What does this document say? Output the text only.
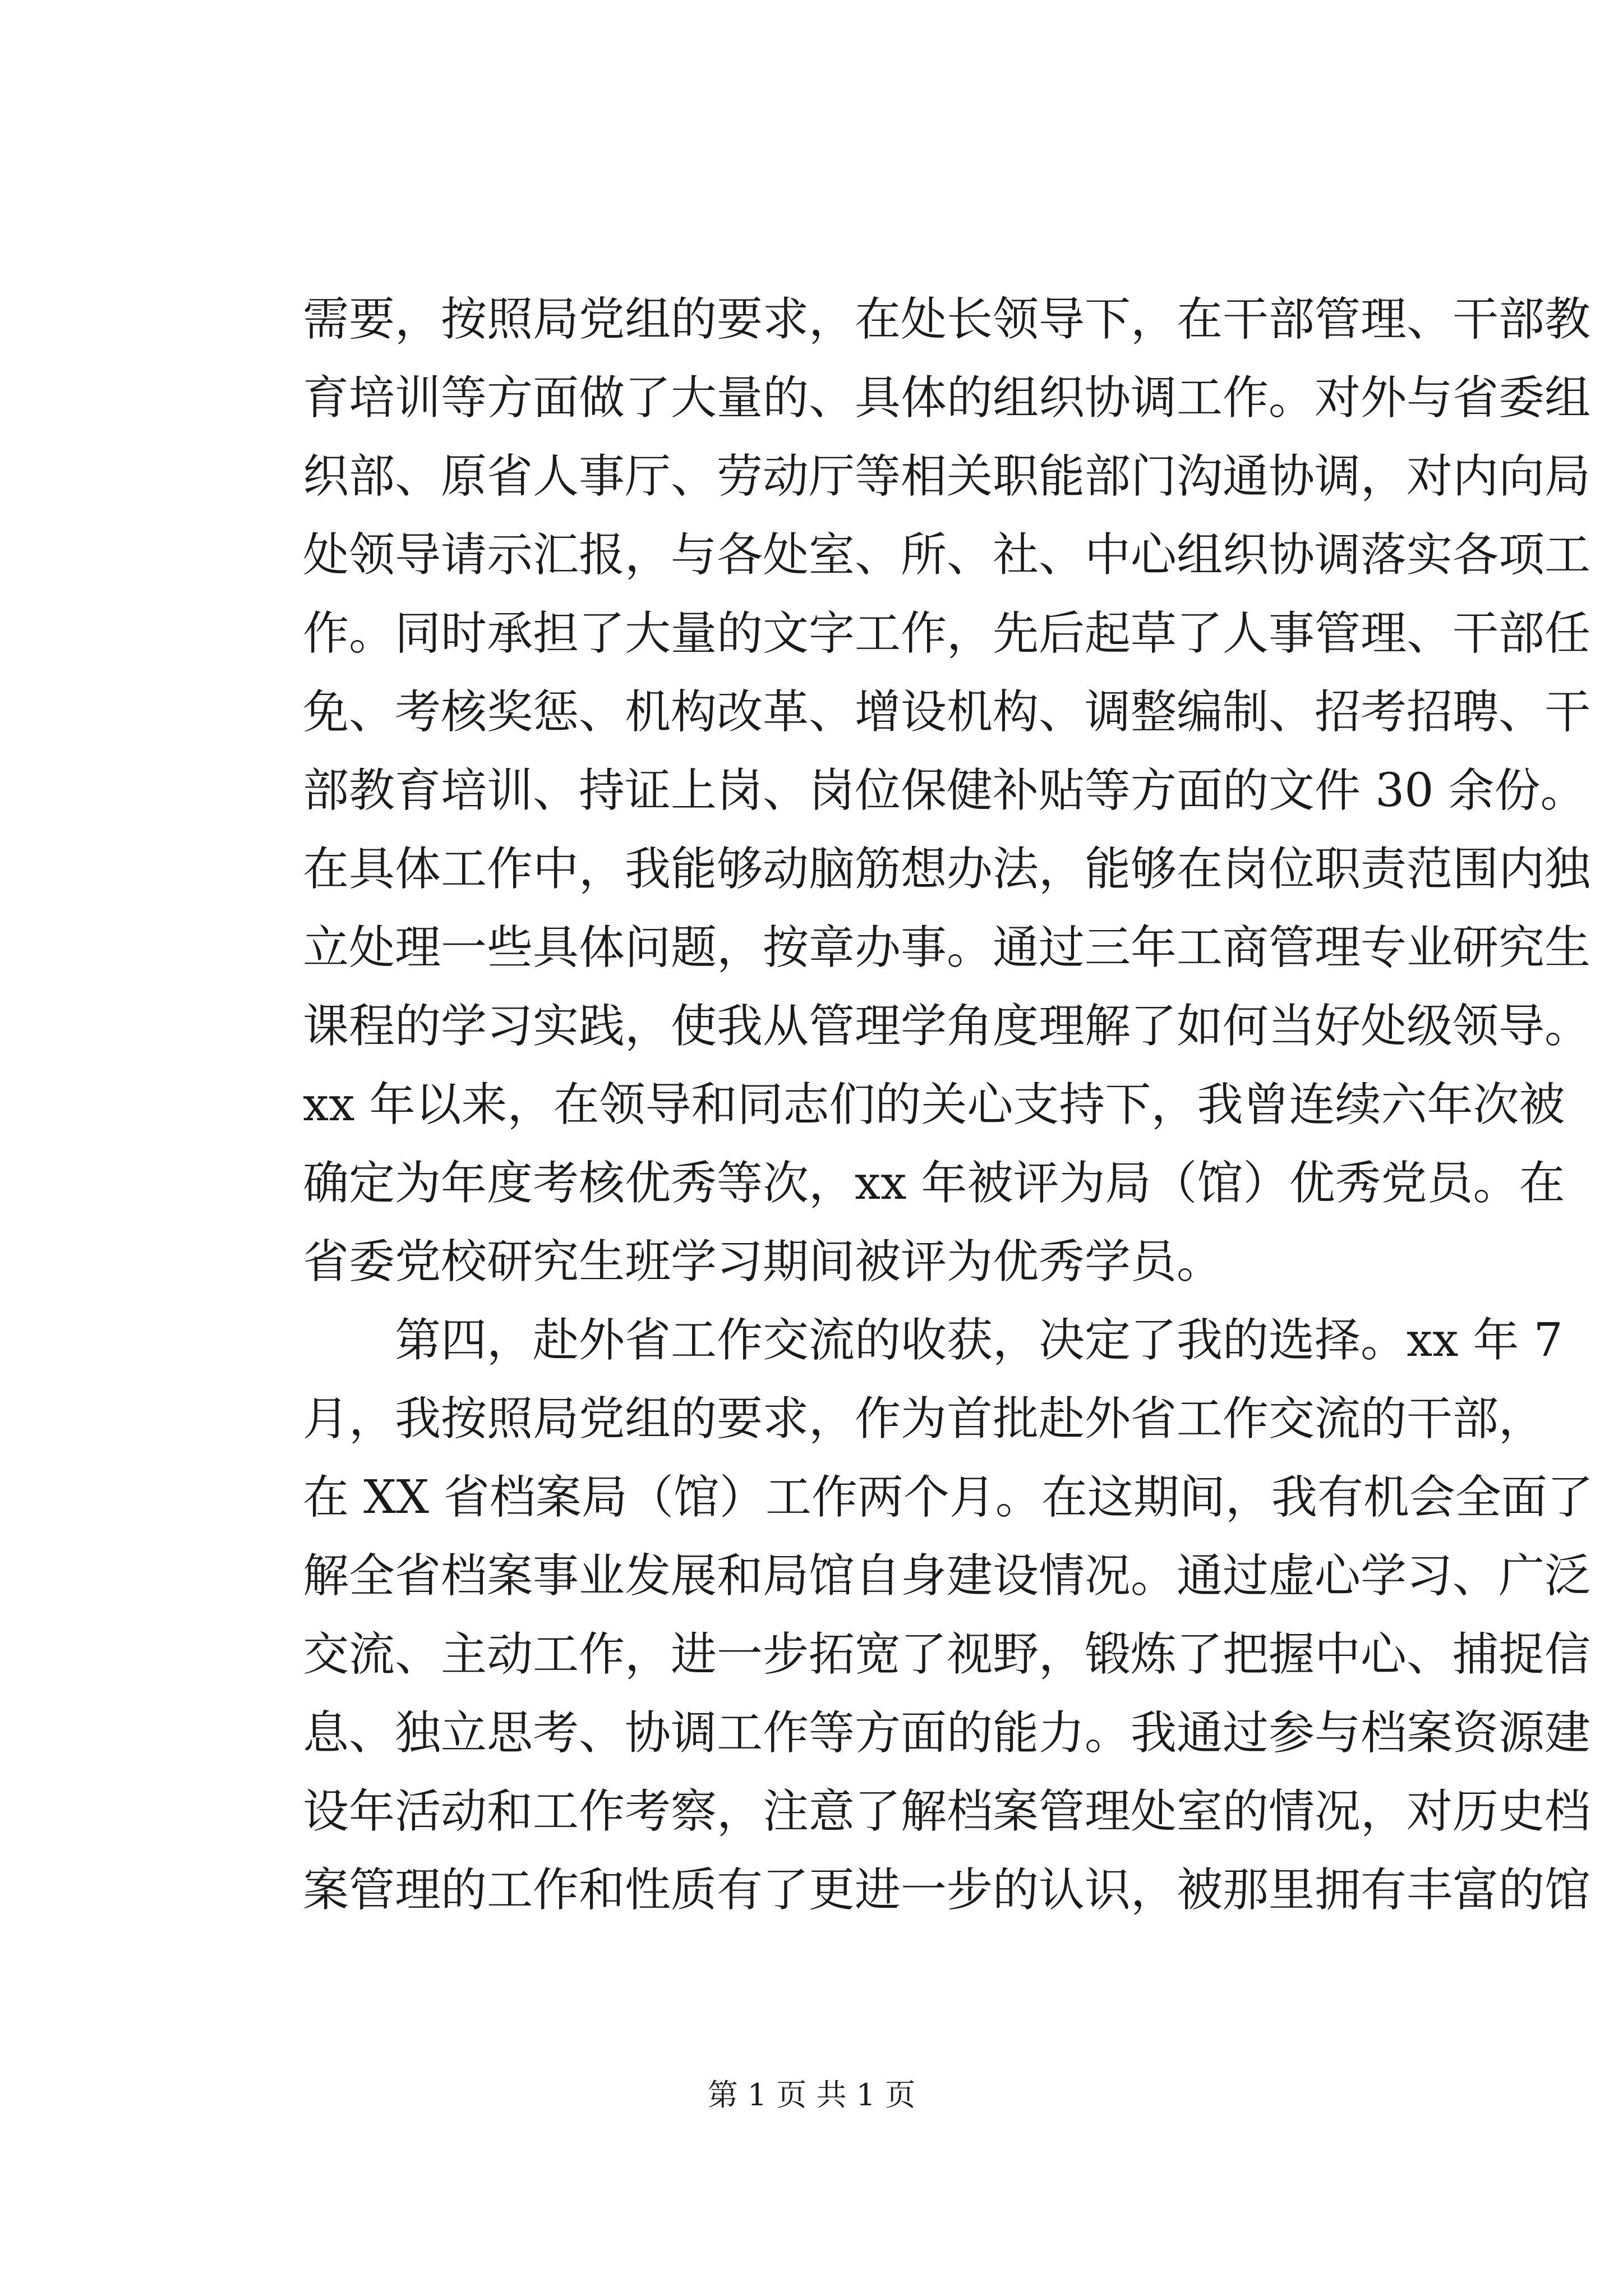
需要，按照局党组的要求，在处长领导下，在干部管理、干部教
育培训等方面做了大量的、具体的组织协调工作。对外与省委组
织部、原省人事厅、劳动厅等相关职能部门沟通协调，对内向局
处领导请示汇报，与各处室、所、社、中心组织协调落实各项工
作。同时承担了大量的文字工作，先后起草了人事管理、干部任
免、考核奖惩、机构改革、增设机构、调整编制、招考招聘、干
部教育培训、持证上岗、岗位保健补贴等方面的文件 30 余份。
在具体工作中，我能够动脑筋想办法，能够在岗位职责范围内独
立处理一些具体问题，按章办事。通过三年工商管理专业研究生
课程的学习实践，使我从管理学角度理解了如何当好处级领导。
xx 年以来，在领导和同志们的关心支持下，我曾连续六年次被
确定为年度考核优秀等次，xx 年被评为局（馆）优秀党员。在
省委党校研究生班学习期间被评为优秀学员。
　　第四，赴外省工作交流的收获，决定了我的选择。xx 年 7
月，我按照局党组的要求，作为首批赴外省工作交流的干部，
在 XX 省档案局（馆）工作两个月。在这期间，我有机会全面了
解全省档案事业发展和局馆自身建设情况。通过虚心学习、广泛
交流、主动工作，进一步拓宽了视野，锻炼了把握中心、捕捉信
息、独立思考、协调工作等方面的能力。我通过参与档案资源建
设年活动和工作考察，注意了解档案管理处室的情况，对历史档
案管理的工作和性质有了更进一步的认识，被那里拥有丰富的馆
第 1 页 共 1 页
